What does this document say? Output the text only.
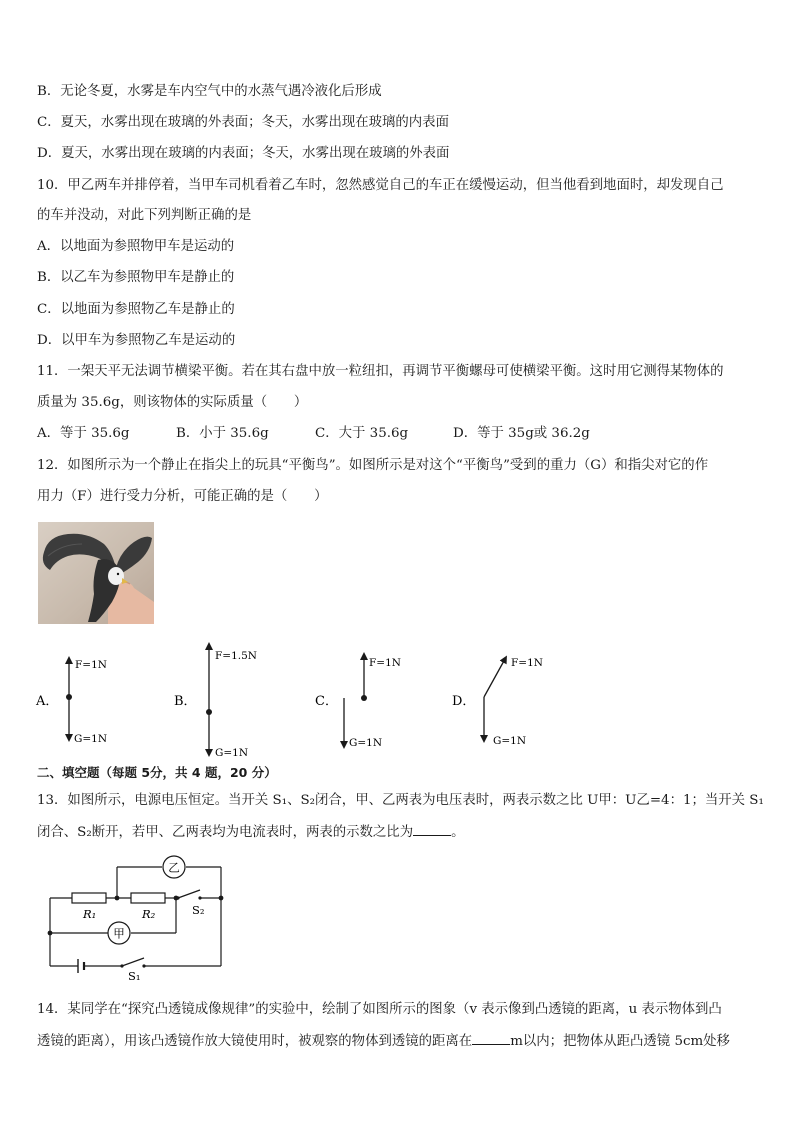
B．无论冬夏，水雾是车内空气中的水蒸气遇冷液化后形成
C．夏天，水雾出现在玻璃的外表面；冬天，水雾出现在玻璃的内表面
D．夏天，水雾出现在玻璃的内表面；冬天，水雾出现在玻璃的外表面
10．甲乙两车并排停着，当甲车司机看着乙车时，忽然感觉自己的车正在缓慢运动，但当他看到地面时，却发现自己
的车并没动，对此下列判断正确的是
A．以地面为参照物甲车是运动的
B．以乙车为参照物甲车是静止的
C．以地面为参照物乙车是静止的
D．以甲车为参照物乙车是运动的
11．一架天平无法调节横梁平衡。若在其右盘中放一粒纽扣，再调节平衡螺母可使横梁平衡。这时用它测得某物体的
质量为 35.6g，则该物体的实际质量（　　）
A．等于 35.6g	B．小于 35.6g	C．大于 35.6g	D．等于 35g或 36.2g
12．如图所示为一个静止在指尖上的玩具“平衡鸟”。如图所示是对这个“平衡鸟”受到的重力（G）和指尖对它的作
用力（F）进行受力分析，可能正确的是（　　）
A．
F=1N
G=1N
B．
F=1.5N
G=1N
C．
F=1N
G=1N
D．
F=1N
G=1N
二、填空题（每题 5分，共 4 题，20 分）
13．如图所示，电源电压恒定。当开关 S₁、S₂闭合，甲、乙两表为电压表时，两表示数之比 U甲：U乙=4：1；当开关 S₁
闭合、S₂断开，若甲、乙两表均为电流表时，两表的示数之比为	。
乙
甲
R₁	R₂	S₂
S₁
14．某同学在“探究凸透镜成像规律”的实验中，绘制了如图所示的图象（v 表示像到凸透镜的距离，u 表示物体到凸
透镜的距离），用该凸透镜作放大镜使用时，被观察的物体到透镜的距离在	m以内；把物体从距凸透镜 5cm处移
